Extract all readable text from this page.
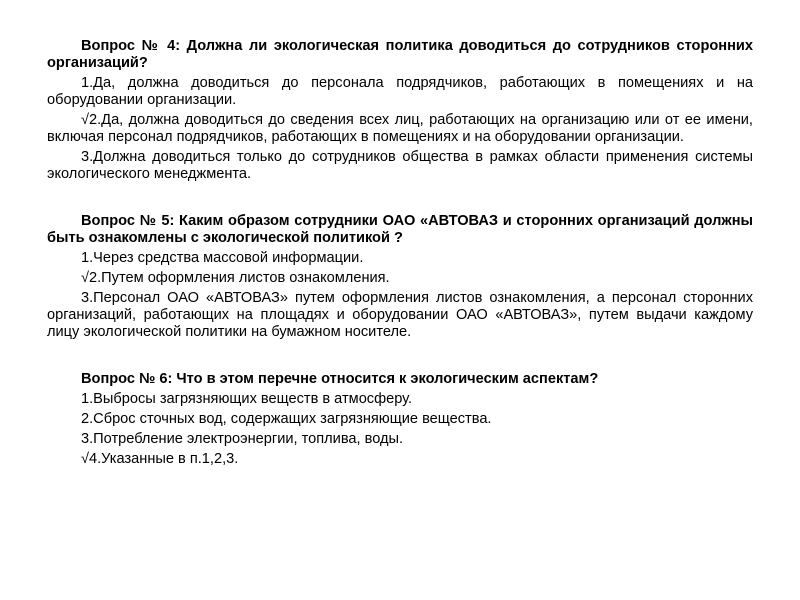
Вопрос № 4: Должна ли экологическая политика доводиться до сотрудников сторонних организаций?

1.Да, должна доводиться до персонала подрядчиков, работающих в помещениях и на оборудовании организации.

√2.Да, должна доводиться до сведения всех лиц, работающих на организацию или от ее имени, включая персонал подрядчиков, работающих в помещениях и на оборудовании организации.

3.Должна доводиться только до сотрудников общества в рамках области применения системы экологического менеджмента.

Вопрос № 5: Каким образом сотрудники ОАО «АВТОВАЗ и сторонних организаций должны быть ознакомлены с экологической политикой ?

1.Через средства массовой информации.

√2.Путем оформления листов ознакомления.

3.Персонал ОАО «АВТОВАЗ» путем оформления листов ознакомления, а персонал сторонних организаций, работающих на площадях и оборудовании ОАО «АВТОВАЗ», путем выдачи каждому лицу экологической политики на бумажном носителе.

Вопрос № 6: Что в этом перечне относится к экологическим аспектам?

1.Выбросы загрязняющих веществ в атмосферу.

2.Сброс сточных вод, содержащих загрязняющие вещества.

3.Потребление электроэнергии, топлива, воды.

√4.Указанные в п.1,2,3.
